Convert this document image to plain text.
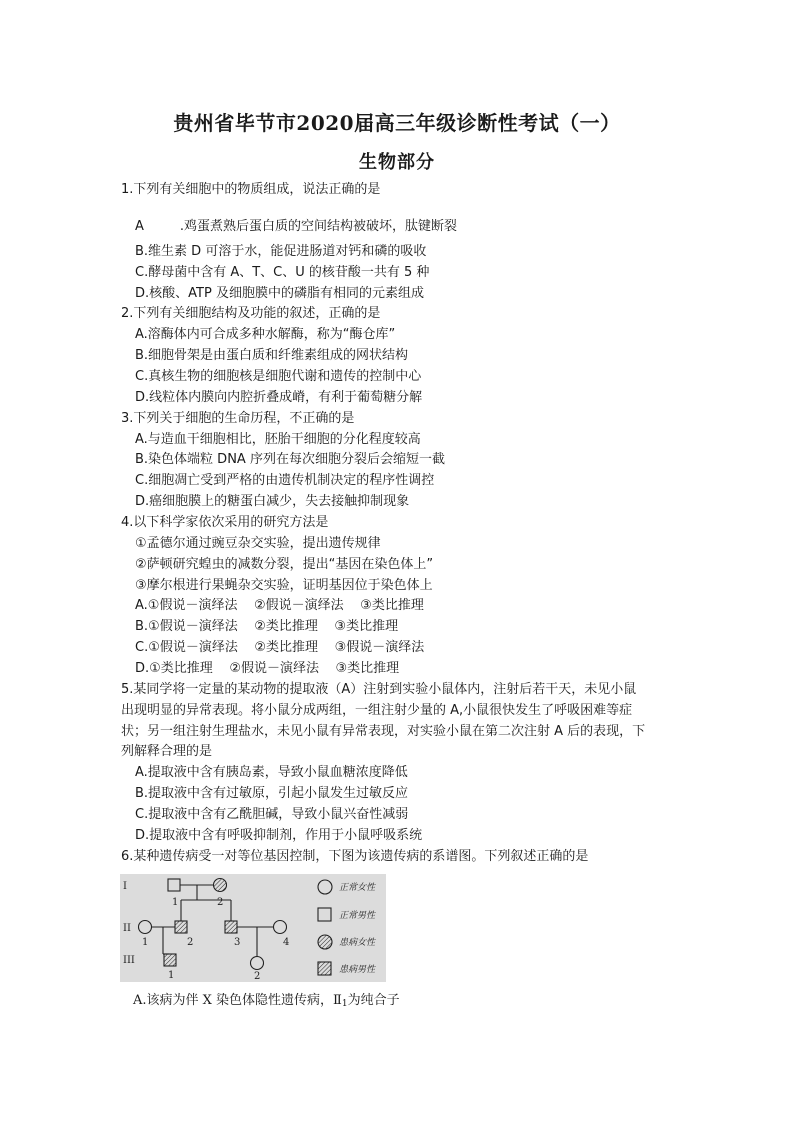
贵州省毕节市2020届高三年级诊断性考试（一）
生物部分
1.下列有关细胞中的物质组成，说法正确的是
A	.鸡蛋煮熟后蛋白质的空间结构被破坏，肽键断裂
B.维生素 D 可溶于水，能促进肠道对钙和磷的吸收
C.酵母菌中含有 A、T、C、U 的核苷酸一共有 5 种
D.核酸、ATP 及细胞膜中的磷脂有相同的元素组成
2.下列有关细胞结构及功能的叙述，正确的是
A.溶酶体内可合成多种水解酶，称为“酶仓库”
B.细胞骨架是由蛋白质和纤维素组成的网状结构
C.真核生物的细胞核是细胞代谢和遗传的控制中心
D.线粒体内膜向内腔折叠成嵴，有利于葡萄糖分解
3.下列关于细胞的生命历程，不正确的是
A.与造血干细胞相比，胚胎干细胞的分化程度较高
B.染色体端粒 DNA 序列在每次细胞分裂后会缩短一截
C.细胞凋亡受到严格的由遗传机制决定的程序性调控
D.癌细胞膜上的糖蛋白减少，失去接触抑制现象
4.以下科学家依次采用的研究方法是
①孟德尔通过豌豆杂交实验，提出遗传规律
②萨顿研究蝗虫的减数分裂，提出“基因在染色体上”
③摩尔根进行果蝇杂交实验，证明基因位于染色体上
A.①假说－演绎法    ②假说－演绎法    ③类比推理
B.①假说－演绎法    ②类比推理    ③类比推理
C.①假说－演绎法    ②类比推理    ③假说－演绎法
D.①类比推理    ②假说－演绎法    ③类比推理
5.某同学将一定量的某动物的提取液（A）注射到实验小鼠体内，注射后若干天，未见小鼠
出现明显的异常表现。将小鼠分成两组，一组注射少量的 A,小鼠很快发生了呼吸困难等症
状；另一组注射生理盐水，未见小鼠有异常表现，对实验小鼠在第二次注射 A 后的表现，下
列解释合理的是
A.提取液中含有胰岛素，导致小鼠血糖浓度降低
B.提取液中含有过敏原，引起小鼠发生过敏反应
C.提取液中含有乙酰胆碱，导致小鼠兴奋性减弱
D.提取液中含有呼吸抑制剂，作用于小鼠呼吸系统
6.某种遗传病受一对等位基因控制，下图为该遗传病的系谱图。下列叙述正确的是
I
II
III
1	2
1	2	3	4
1	2
正常女性
正常男性
患病女性
患病男性
A.该病为伴 X 染色体隐性遗传病，$Ⅱ_1$为纯合子
